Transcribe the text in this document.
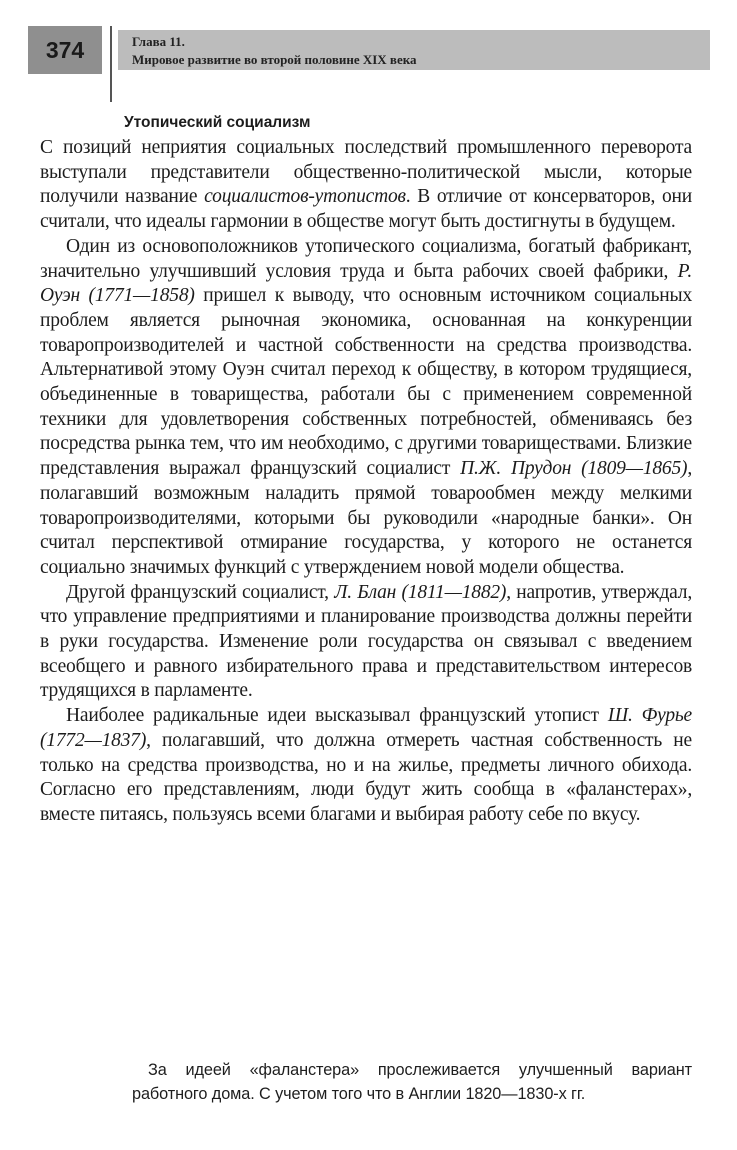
374	Глава 11.
Мировое развитие во второй половине XIX века
Утопический социализм

С позиций неприятия социальных последствий промышленного переворота выступали представители общественно-политической мысли, которые получили название социалистов-утопистов. В отличие от консерваторов, они считали, что идеалы гармонии в обществе могут быть достигнуты в будущем.

Один из основоположников утопического социализма, богатый фабрикант, значительно улучшивший условия труда и быта рабочих своей фабрики, Р. Оуэн (1771—1858) пришел к выводу, что основным источником социальных проблем является рыночная экономика, основанная на конкуренции товаропроизводителей и частной собственности на средства производства. Альтернативой этому Оуэн считал переход к обществу, в котором трудящиеся, объединенные в товарищества, работали бы с применением современной техники для удовлетворения собственных потребностей, обмениваясь без посредства рынка тем, что им необходимо, с другими товариществами. Близкие представления выражал французский социалист П.Ж. Прудон (1809—1865), полагавший возможным наладить прямой товарообмен между мелкими товаропроизводителями, которыми бы руководили «народные банки». Он считал перспективой отмирание государства, у которого не останется социально значимых функций с утверждением новой модели общества.

Другой французский социалист, Л. Блан (1811—1882), напротив, утверждал, что управление предприятиями и планирование производства должны перейти в руки государства. Изменение роли государства он связывал с введением всеобщего и равного избирательного права и представительством интересов трудящихся в парламенте.

Наиболее радикальные идеи высказывал французский утопист Ш. Фурье (1772—1837), полагавший, что должна отмереть частная собственность не только на средства производства, но и на жилье, предметы личного обихода. Согласно его представлениям, люди будут жить сообща в «фаланстерах», вместе питаясь, пользуясь всеми благами и выбирая работу себе по вкусу.

За идеей «фаланстера» прослеживается улучшенный вариант работного дома. С учетом того что в Англии 1820—1830-х гг.
